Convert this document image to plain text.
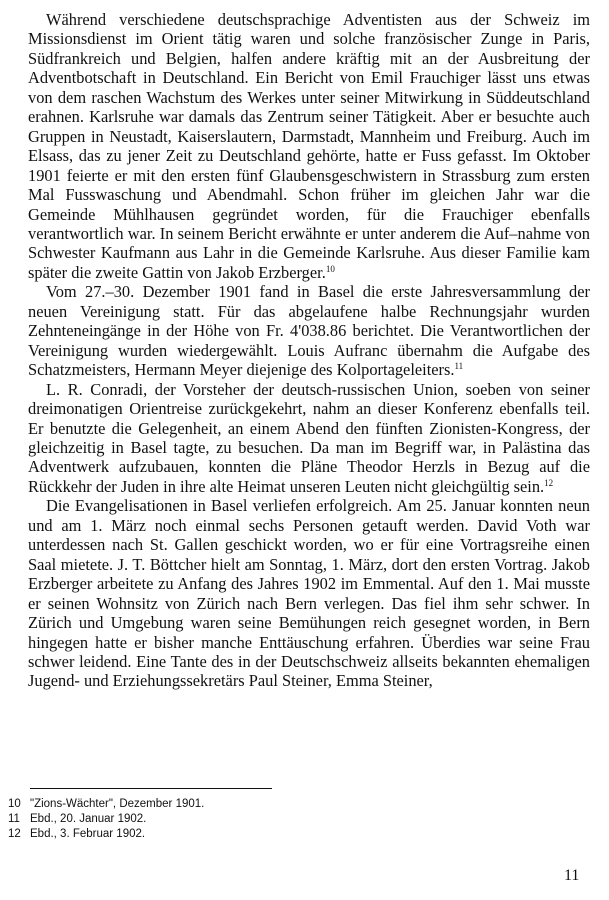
Während verschiedene deutschsprachige Adventisten aus der Schweiz im Missionsdienst im Orient tätig waren und solche französischer Zunge in Paris, Südfrankreich und Belgien, halfen andere kräftig mit an der Ausbreitung der Adventbotschaft in Deutschland. Ein Bericht von Emil Frauchiger lässt uns etwas von dem raschen Wachstum des Werkes unter seiner Mitwirkung in Süddeutschland erahnen. Karlsruhe war damals das Zentrum seiner Tätigkeit. Aber er besuchte auch Gruppen in Neustadt, Kaiserslautern, Darmstadt, Mannheim und Freiburg. Auch im Elsass, das zu jener Zeit zu Deutschland gehörte, hatte er Fuss gefasst. Im Oktober 1901 feierte er mit den ersten fünf Glaubensgeschwistern in Strassburg zum ersten Mal Fusswaschung und Abendmahl. Schon früher im gleichen Jahr war die Gemeinde Mühlhausen gegründet worden, für die Frauchiger ebenfalls verantwortlich war. In seinem Bericht erwähnte er unter anderem die Auf–nahme von Schwester Kaufmann aus Lahr in die Gemeinde Karlsruhe. Aus dieser Familie kam später die zweite Gattin von Jakob Erzberger.$^{10}$

Vom 27.–30. Dezember 1901 fand in Basel die erste Jahresversammlung der neuen Vereinigung statt. Für das abgelaufene halbe Rechnungsjahr wurden Zehnteneingänge in der Höhe von Fr. 4'038.86 berichtet. Die Verantwortlichen der Vereinigung wurden wiedergewählt. Louis Aufranc übernahm die Aufgabe des Schatzmeisters, Hermann Meyer diejenige des Kolportageleiters.$^{11}$

L. R. Conradi, der Vorsteher der deutsch-russischen Union, soeben von seiner dreimonatigen Orientreise zurückgekehrt, nahm an dieser Konferenz ebenfalls teil. Er benutzte die Gelegenheit, an einem Abend den fünften Zionisten-Kongress, der gleichzeitig in Basel tagte, zu besuchen. Da man im Begriff war, in Palästina das Adventwerk aufzubauen, konnten die Pläne Theodor Herzls in Bezug auf die Rückkehr der Juden in ihre alte Heimat unseren Leuten nicht gleichgültig sein.$^{12}$

Die Evangelisationen in Basel verliefen erfolgreich. Am 25. Januar konnten neun und am 1. März noch einmal sechs Personen getauft werden. David Voth war unterdessen nach St. Gallen geschickt worden, wo er für eine Vortragsreihe einen Saal mietete. J. T. Böttcher hielt am Sonntag, 1. März, dort den ersten Vortrag. Jakob Erzberger arbeitete zu Anfang des Jahres 1902 im Emmental. Auf den 1. Mai musste er seinen Wohnsitz von Zürich nach Bern verlegen. Das fiel ihm sehr schwer. In Zürich und Umgebung waren seine Bemühungen reich gesegnet worden, in Bern hingegen hatte er bisher manche Enttäuschung erfahren. Überdies war seine Frau schwer leidend. Eine Tante des in der Deutschschweiz allseits bekannten ehemaligen Jugend- und Erziehungssekretärs Paul Steiner, Emma Steiner,

10 "Zions-Wächter", Dezember 1901.

11 Ebd., 20. Januar 1902.

12 Ebd., 3. Februar 1902.

11
